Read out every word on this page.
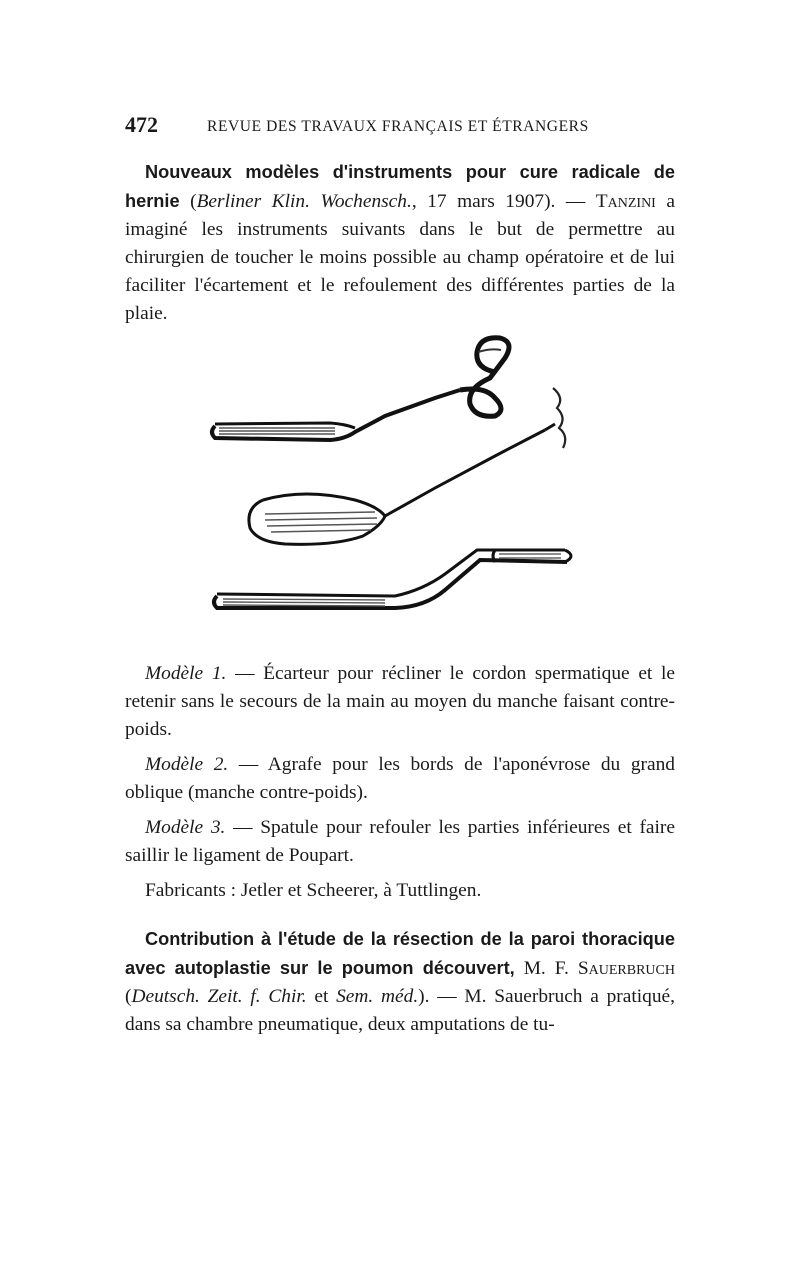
472	REVUE DES TRAVAUX FRANÇAIS ET ÉTRANGERS
Nouveaux modèles d'instruments pour cure radicale de hernie (Berliner Klin. Wochensch., 17 mars 1907). — Tanzini a imaginé les instruments suivants dans le but de permettre au chirurgien de toucher le moins possible au champ opératoire et de lui faciliter l'écartement et le refoulement des différentes parties de la plaie.

Modèle 1. — Écarteur pour récliner le cordon spermatique et le retenir sans le secours de la main au moyen du manche faisant contre-poids.

Modèle 2. — Agrafe pour les bords de l'aponévrose du grand oblique (manche contre-poids).

Modèle 3. — Spatule pour refouler les parties inférieures et faire saillir le ligament de Poupart.

Fabricants : Jetler et Scheerer, à Tuttlingen.

Contribution à l'étude de la résection de la paroi thoracique avec autoplastie sur le poumon découvert, M. F. Sauerbruch (Deutsch. Zeit. f. Chir. et Sem. méd.). — M. Sauerbruch a pratiqué, dans sa chambre pneumatique, deux amputations de tu-
